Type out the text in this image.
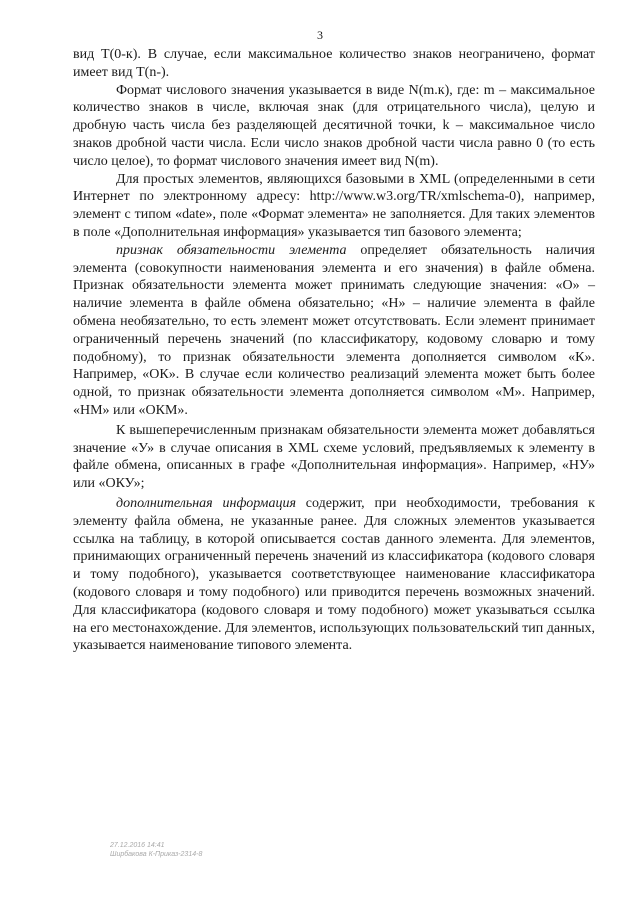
3

вид T(0-к). В случае, если максимальное количество знаков неограничено, формат имеет вид T(n-).

Формат числового значения указывается в виде N(m.к), где: m – максимальное количество знаков в числе, включая знак (для отрицательного числа), целую и дробную часть числа без разделяющей десятичной точки, k – максимальное число знаков дробной части числа. Если число знаков дробной части числа равно 0 (то есть число целое), то формат числового значения имеет вид N(m).

Для простых элементов, являющихся базовыми в XML (определенными в сети Интернет по электронному адресу: http://www.w3.org/TR/xmlschema-0), например, элемент с типом «date», поле «Формат элемента» не заполняется. Для таких элементов в поле «Дополнительная информация» указывается тип базового элемента;

признак обязательности элемента определяет обязательность наличия элемента (совокупности наименования элемента и его значения) в файле обмена. Признак обязательности элемента может принимать следующие значения: «О» – наличие элемента в файле обмена обязательно; «Н» – наличие элемента в файле обмена необязательно, то есть элемент может отсутствовать. Если элемент принимает ограниченный перечень значений (по классификатору, кодовому словарю и тому подобному), то признак обязательности элемента дополняется символом «К». Например, «ОК». В случае если количество реализаций элемента может быть более одной, то признак обязательности элемента дополняется символом «М». Например, «НМ» или «ОКМ».

К вышеперечисленным признакам обязательности элемента может добавляться значение «У» в случае описания в XML схеме условий, предъявляемых к элементу в файле обмена, описанных в графе «Дополнительная информация». Например, «НУ» или «ОКУ»;

дополнительная информация содержит, при необходимости, требования к элементу файла обмена, не указанные ранее. Для сложных элементов указывается ссылка на таблицу, в которой описывается состав данного элемента. Для элементов, принимающих ограниченный перечень значений из классификатора (кодового словаря и тому подобного), указывается соответствующее наименование классификатора (кодового словаря и тому подобного) или приводится перечень возможных значений. Для классификатора (кодового словаря и тому подобного) может указываться ссылка на его местонахождение. Для элементов, использующих пользовательский тип данных, указывается наименование типового элемента.

27.12.2016 14:41
Ширбакова К-Приказ-2314-8
